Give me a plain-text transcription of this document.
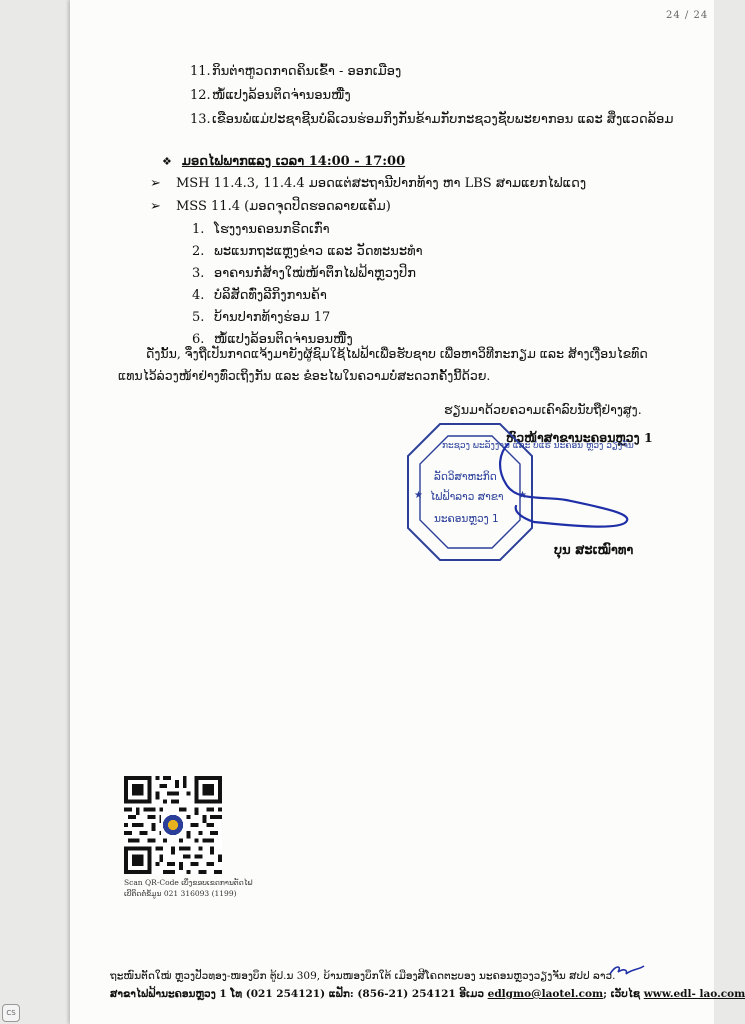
24 / 24
11.ກິນຕ່າຫູວດກາດຄິນເຂົ້າ - ອອກເມືອງ
12.ໜໍ້ແປງລ້ອນຕິດຈ່ານອນໜື່ງ
13.ເຂືອນພໍ່ແມ່ປະຊາຊີນບໍລິເວນຮ່ອມກິງກັນຂ້າມກັບກະຊວງຊັບພະຍາກອນ ແລະ ສິ່ງແວດລ້ອມ
❖ ມອດໄຟພາກແລງ ເວລາ 14:00 - 17:00
➢ MSH 11.4.3, 11.4.4 ມອດແຕ່ສະຖານີປາກທ້າງ ຫາ LBS ສາມແຍກໄຟແດງ
➢ MSS 11.4 (ມອດຈຸດປິດຮອດລາຍແຄັມ)
1. ໂຮງງານຄອນກຣີດເກົ່າ
2. ພະແນກຖະແຫຼງຂ່າວ ແລະ ວັດທະນະທຳ
3. ອາຄານກໍ່ສ້າງໃໝ່ໜ້າຕຶກໄຟຟ້າຫຼວງປິກ
4. ບໍລິສັດທົ່ງລີກິງການຄ້າ
5. ບ້ານປາກທ້າງຮ່ອມ 17
6. ໜໍ້ແປງລ້ອນຕິດຈ່ານອນໜື່ງ
ດັ່ງນັ້ນ, ຈຶ່ງຖືເປັນກາດແຈ້ງມາຍັງຜູ້ຊົມໃຊ້ໄຟຟ້າເພື່ອຮັບຊາບ ເພື່ອຫາວິທີກະກຽມ ແລະ ສ້າງເງື່ອນໄຂທົດ
ແທນໄວ້ລ່ວງໜ້າຢ່າງທົ່ວເຖິງກັນ ແລະ ຂໍອະໄພໃນຄວາມບໍ່ສະດວກຄັ້ງນີ້ດ້ວຍ.
ຮຽນມາດ້ວຍຄວາມເຄົາລົບນັບຖືຢ່າງສູງ.
ຫົວໜ້າສາຂານະຄອນຫຼວງ 1
ກະຊວງ ພະລັງງານ ແລະ ບໍ່ແຮ່ ນະຄອນ ຫຼວງ ວຽງຈັນ
ລັດວິສາຫະກິດ
ໄຟຟ້າລາວ ສາຂາ
ນະຄອນຫຼວງ 1
★	★
ບຸນ ສະເໝົາທາ
Scan QR-Code ເບິ່ງຂອບເຂດການຕັດໄຟ
ເບີຕິດຕໍ່ຂໍ້ມູນ 021 316093 (1199)
ຖະໜົນຕັດໃໝ່ ຫຼວງປັວທອງ-ໜອງບຶກ ຕູ້ປ.ນ 309, ບ້ານໜອງບຶກໃຕ້ ເມືອງສີໂຄດຕະບອງ ນະຄອນຫຼວງວຽງຈັນ ສປປ ລາວ.
ສາຂາໄຟຟ້ານະຄອນຫຼວງ 1 ໂທ (021 254121) ແຟັກ: (856-21) 254121 ອີເມວ edlgmo@laotel.com; ເວັບໄຊ www.edl- lao.com
CS
